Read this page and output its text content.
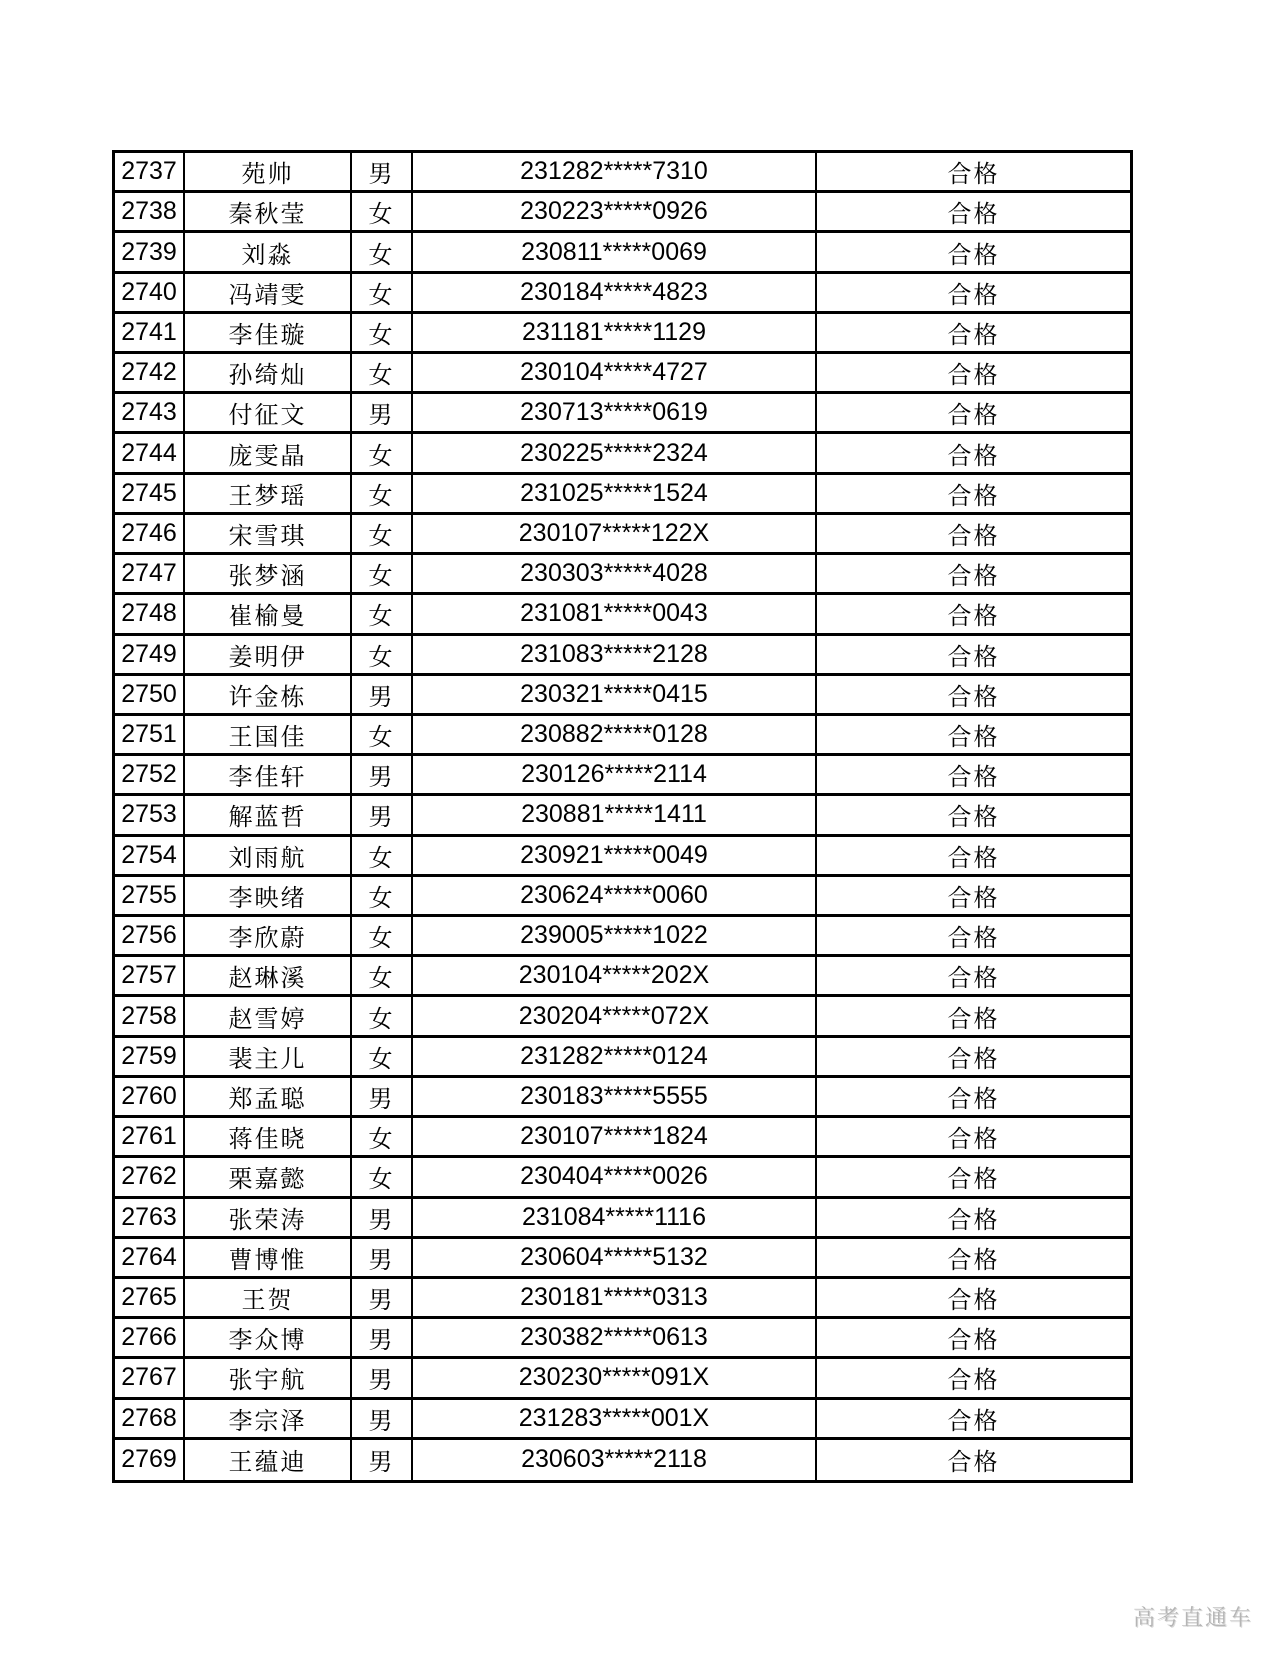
2737	苑帅	男	231282*****7310	合格
2738	秦秋莹	女	230223*****0926	合格
2739	刘淼	女	230811*****0069	合格
2740	冯靖雯	女	230184*****4823	合格
2741	李佳璇	女	231181*****1129	合格
2742	孙绮灿	女	230104*****4727	合格
2743	付征文	男	230713*****0619	合格
2744	庞雯晶	女	230225*****2324	合格
2745	王梦瑶	女	231025*****1524	合格
2746	宋雪琪	女	230107*****122X	合格
2747	张梦涵	女	230303*****4028	合格
2748	崔榆曼	女	231081*****0043	合格
2749	姜明伊	女	231083*****2128	合格
2750	许金栋	男	230321*****0415	合格
2751	王国佳	女	230882*****0128	合格
2752	李佳轩	男	230126*****2114	合格
2753	解蓝哲	男	230881*****1411	合格
2754	刘雨航	女	230921*****0049	合格
2755	李映绪	女	230624*****0060	合格
2756	李欣蔚	女	239005*****1022	合格
2757	赵琳溪	女	230104*****202X	合格
2758	赵雪婷	女	230204*****072X	合格
2759	裴主儿	女	231282*****0124	合格
2760	郑孟聪	男	230183*****5555	合格
2761	蒋佳晓	女	230107*****1824	合格
2762	栗嘉懿	女	230404*****0026	合格
2763	张荣涛	男	231084*****1116	合格
2764	曹博惟	男	230604*****5132	合格
2765	王贺	男	230181*****0313	合格
2766	李众博	男	230382*****0613	合格
2767	张宇航	男	230230*****091X	合格
2768	李宗泽	男	231283*****001X	合格
2769	王蕴迪	男	230603*****2118	合格
高考直通车
